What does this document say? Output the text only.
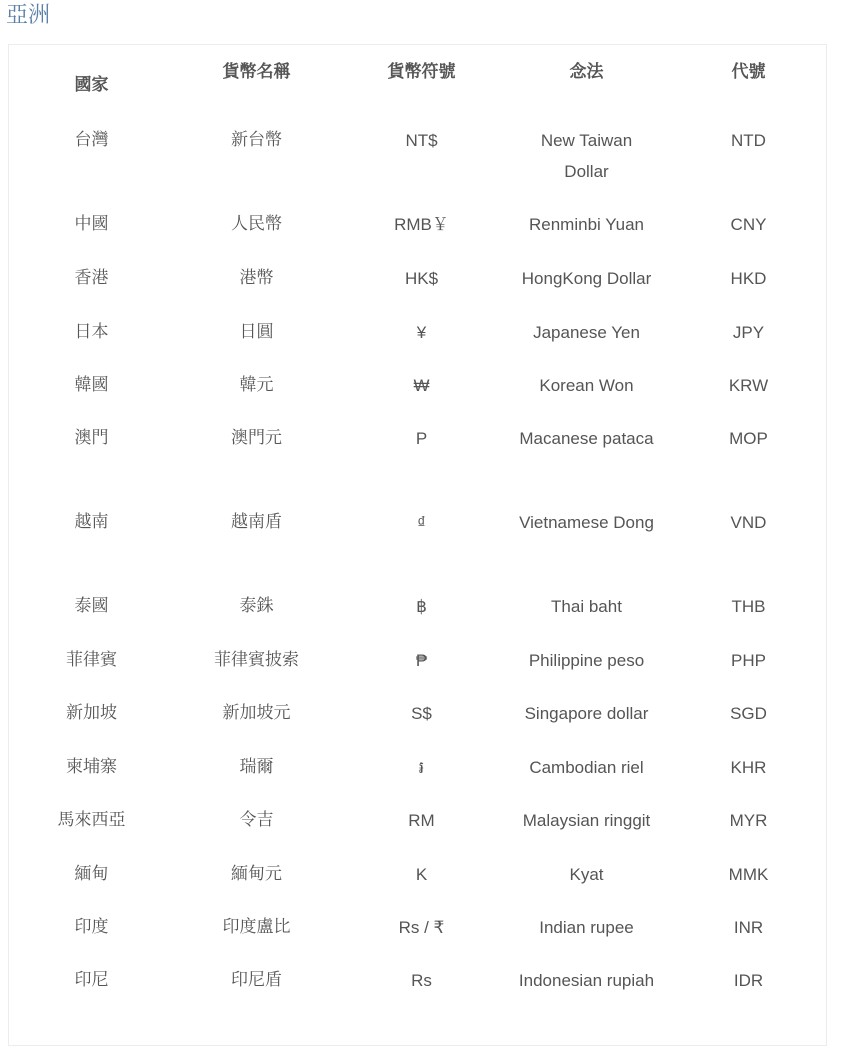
亞洲
國家	貨幣名稱	貨幣符號	念法	代號
台灣	新台幣	NT$	New Taiwan Dollar	NTD
中國	人民幣	RMB￥	Renminbi Yuan	CNY
香港	港幣	HK$	HongKong Dollar	HKD
日本	日圓	¥	Japanese Yen	JPY
韓國	韓元	₩	Korean Won	KRW
澳門	澳門元	P	Macanese pataca	MOP
越南	越南盾	₫	Vietnamese Dong	VND
泰國	泰銖	฿	Thai baht	THB
菲律賓	菲律賓披索	₱	Philippine peso	PHP
新加坡	新加坡元	S$	Singapore dollar	SGD
柬埔寨	瑞爾	៛	Cambodian riel	KHR
馬來西亞	令吉	RM	Malaysian ringgit	MYR
緬甸	緬甸元	K	Kyat	MMK
印度	印度盧比	Rs / ₹	Indian rupee	INR
印尼	印尼盾	Rs	Indonesian rupiah	IDR
